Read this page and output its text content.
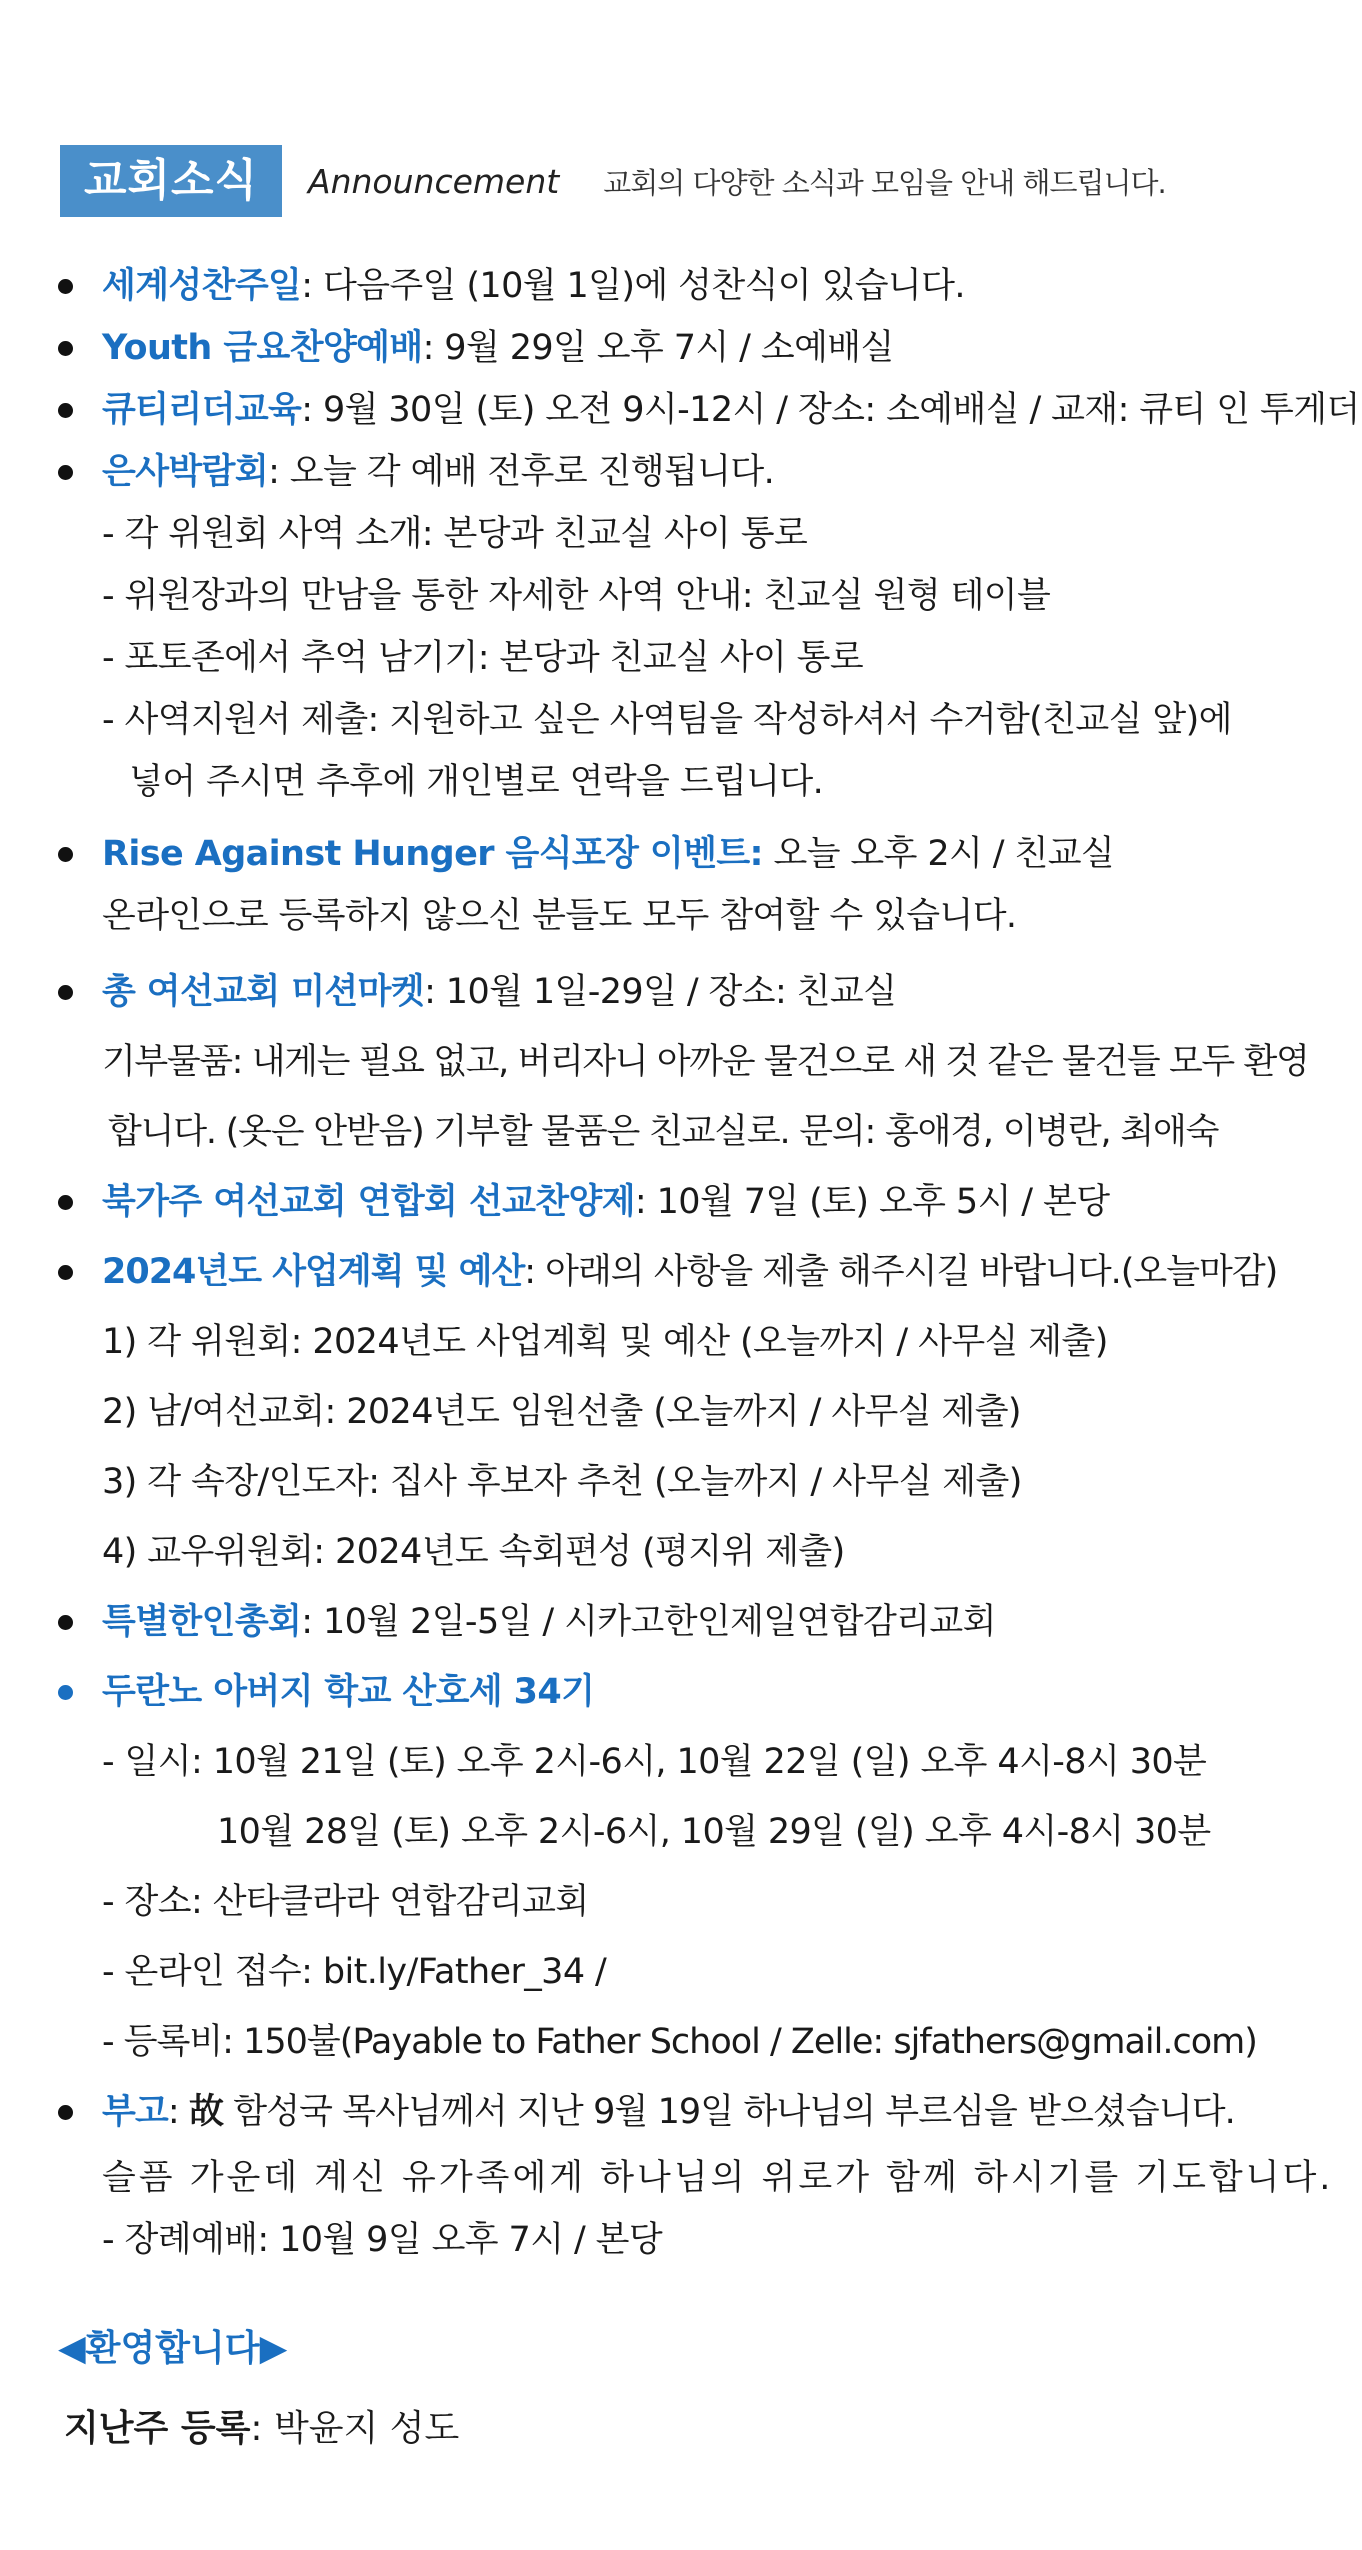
교회소식	Announcement 교회의 다양한 소식과 모임을 안내 해드립니다.
세계성찬주일: 다음주일 (10월 1일)에 성찬식이 있습니다.
Youth 금요찬양예배: 9월 29일 오후 7시 / 소예배실
큐티리더교육: 9월 30일 (토) 오전 9시-12시 / 장소: 소예배실 / 교재: 큐티 인 투게더
은사박람회: 오늘 각 예배 전후로 진행됩니다.
- 각 위원회 사역 소개: 본당과 친교실 사이 통로
- 위원장과의 만남을 통한 자세한 사역 안내: 친교실 원형 테이블
- 포토존에서 추억 남기기: 본당과 친교실 사이 통로
- 사역지원서 제출: 지원하고 싶은 사역팀을 작성하셔서 수거함(친교실 앞)에
넣어 주시면 추후에 개인별로 연락을 드립니다.
Rise Against Hunger 음식포장 이벤트: 오늘 오후 2시 / 친교실
온라인으로 등록하지 않으신 분들도 모두 참여할 수 있습니다.
총 여선교회 미션마켓: 10월 1일-29일 / 장소: 친교실
기부물품: 내게는 필요 없고, 버리자니 아까운 물건으로 새 것 같은 물건들 모두 환영
합니다. (옷은 안받음) 기부할 물품은 친교실로. 문의: 홍애경, 이병란, 최애숙
북가주 여선교회 연합회 선교찬양제: 10월 7일 (토) 오후 5시 / 본당
2024년도 사업계획 및 예산: 아래의 사항을 제출 해주시길 바랍니다.(오늘마감)
1) 각 위원회: 2024년도 사업계획 및 예산 (오늘까지 / 사무실 제출)
2) 남/여선교회: 2024년도 임원선출 (오늘까지 / 사무실 제출)
3) 각 속장/인도자: 집사 후보자 추천 (오늘까지 / 사무실 제출)
4) 교우위원회: 2024년도 속회편성 (평지위 제출)
특별한인총회: 10월 2일-5일 / 시카고한인제일연합감리교회
두란노 아버지 학교 산호세 34기
- 일시: 10월 21일 (토) 오후 2시-6시, 10월 22일 (일) 오후 4시-8시 30분
10월 28일 (토) 오후 2시-6시, 10월 29일 (일) 오후 4시-8시 30분
- 장소: 산타클라라 연합감리교회
- 온라인 접수: bit.ly/Father_34 /
- 등록비: 150불(Payable to Father School / Zelle: sjfathers@gmail.com)
부고: 故 함성국 목사님께서 지난 9월 19일 하나님의 부르심을 받으셨습니다.
슬픔 가운데 계신 유가족에게 하나님의 위로가 함께 하시기를 기도합니다.
- 장례예배: 10월 9일 오후 7시 / 본당
◀환영합니다▶
지난주 등록: 박윤지 성도
